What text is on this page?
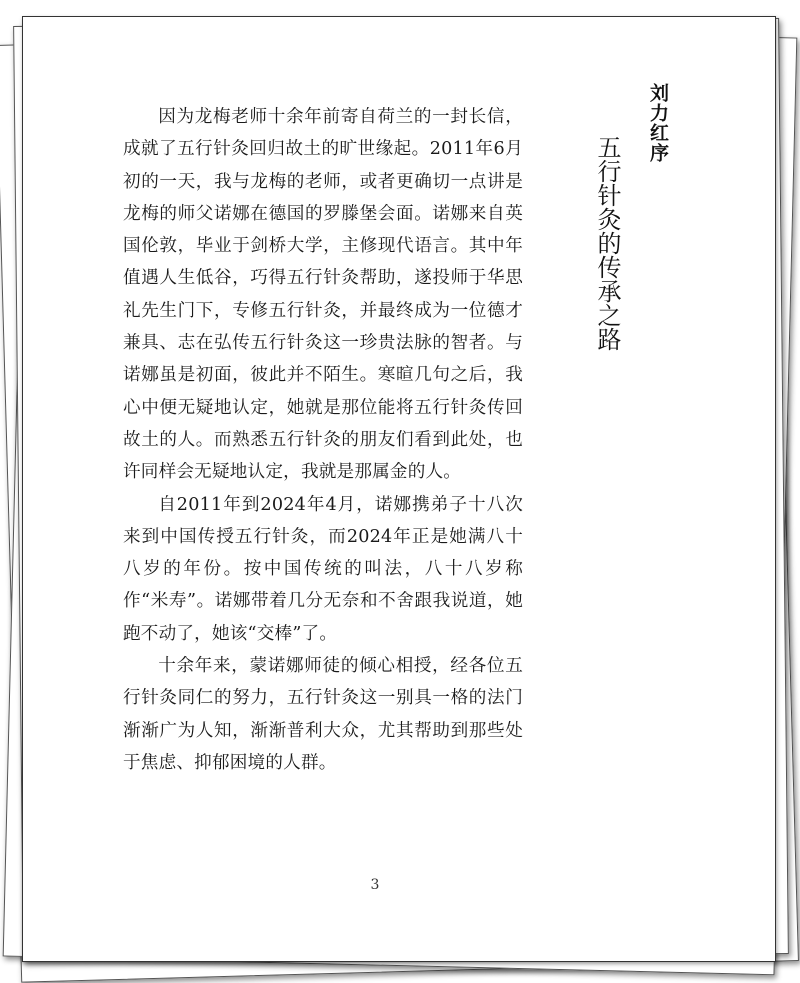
刘力红序
五行针灸的传承之路

因为龙梅老师十余年前寄自荷兰的一封长信，成就了五行针灸回归故土的旷世缘起。2011年6月初的一天，我与龙梅的老师，或者更确切一点讲是龙梅的师父诺娜在德国的罗滕堡会面。诺娜来自英国伦敦，毕业于剑桥大学，主修现代语言。其中年值遇人生低谷，巧得五行针灸帮助，遂投师于华思礼先生门下，专修五行针灸，并最终成为一位德才兼具、志在弘传五行针灸这一珍贵法脉的智者。与诺娜虽是初面，彼此并不陌生。寒暄几句之后，我心中便无疑地认定，她就是那位能将五行针灸传回故土的人。而熟悉五行针灸的朋友们看到此处，也许同样会无疑地认定，我就是那属金的人。

自2011年到2024年4月，诺娜携弟子十八次来到中国传授五行针灸，而2024年正是她满八十八岁的年份。按中国传统的叫法，八十八岁称作“米寿”。诺娜带着几分无奈和不舍跟我说道，她跑不动了，她该“交棒”了。

十余年来，蒙诺娜师徒的倾心相授，经各位五行针灸同仁的努力，五行针灸这一别具一格的法门渐渐广为人知，渐渐普利大众，尤其帮助到那些处于焦虑、抑郁困境的人群。

3
